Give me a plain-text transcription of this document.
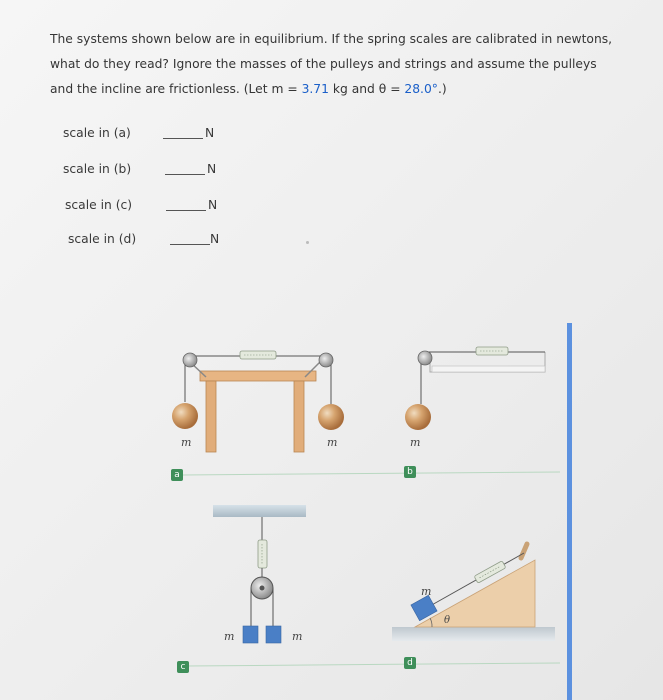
The systems shown below are in equilibrium. If the spring scales are calibrated in newtons,
what do they read? Ignore the masses of the pulleys and strings and assume the pulleys
and the incline are frictionless. (Let m = 3.71 kg and θ = 28.0°.)
scale in (a)	N
scale in (b)	N
scale in (c)	N
scale in (d)	N
m	m	m
m	m
m
θ
a	b
c	d
